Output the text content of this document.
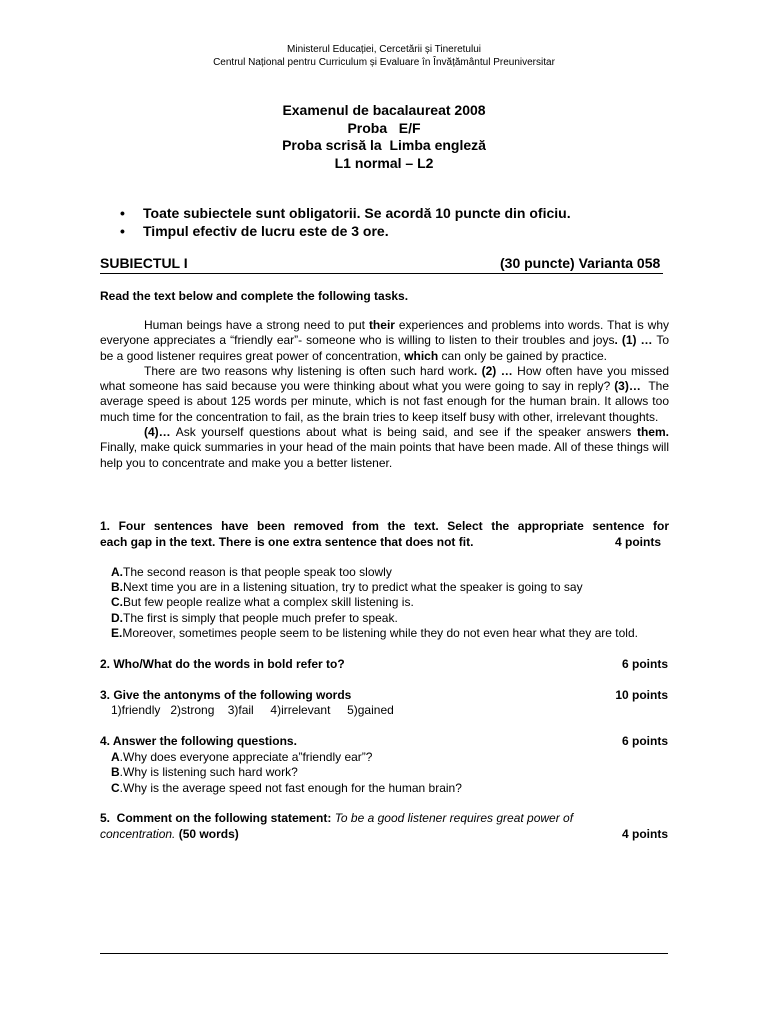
Ministerul Educației, Cercetării și Tineretului
Centrul Național pentru Curriculum și Evaluare în Învățământul Preuniversitar
Examenul de bacalaureat 2008
Proba   E/F
Proba scrisă la  Limba engleză
L1 normal – L2
•	Toate subiectele sunt obligatorii. Se acordă 10 puncte din oficiu.
•	Timpul efectiv de lucru este de 3 ore.
SUBIECTUL I	(30 puncte) Varianta 058
Read the text below and complete the following tasks.

Human beings have a strong need to put their experiences and problems into words. That is why everyone appreciates a “friendly ear”- someone who is willing to listen to their troubles and joys. (1) … To be a good listener requires great power of concentration, which can only be gained by practice.

There are two reasons why listening is often such hard work. (2) … How often have you missed what someone has said because you were thinking about what you were going to say in reply? (3)…  The average speed is about 125 words per minute, which is not fast enough for the human brain. It allows too much time for the concentration to fail, as the brain tries to keep itself busy with other, irrelevant thoughts.

(4)… Ask yourself questions about what is being said, and see if the speaker answers them. Finally, make quick summaries in your head of the main points that have been made. All of these things will help you to concentrate and make you a better listener.

1. Four sentences have been removed from the text. Select the appropriate sentence for
each gap in the text. There is one extra sentence that does not fit.	4 points
A.The second reason is that people speak too slowly
B.Next time you are in a listening situation, try to predict what the speaker is going to say
C.But few people realize what a complex skill listening is.
D.The first is simply that people much prefer to speak.
E.Moreover, sometimes people seem to be listening while they do not even hear what they are told.
2. Who/What do the words in bold refer to?	6 points
3. Give the antonyms of the following words	10 points
1)friendly   2)strong    3)fail     4)irrelevant     5)gained
4. Answer the following questions.	6 points
A.Why does everyone appreciate a”friendly ear”?
B.Why is listening such hard work?
C.Why is the average speed not fast enough for the human brain?
5.  Comment on the following statement: To be a good listener requires great power of
concentration. (50 words)	4 points
